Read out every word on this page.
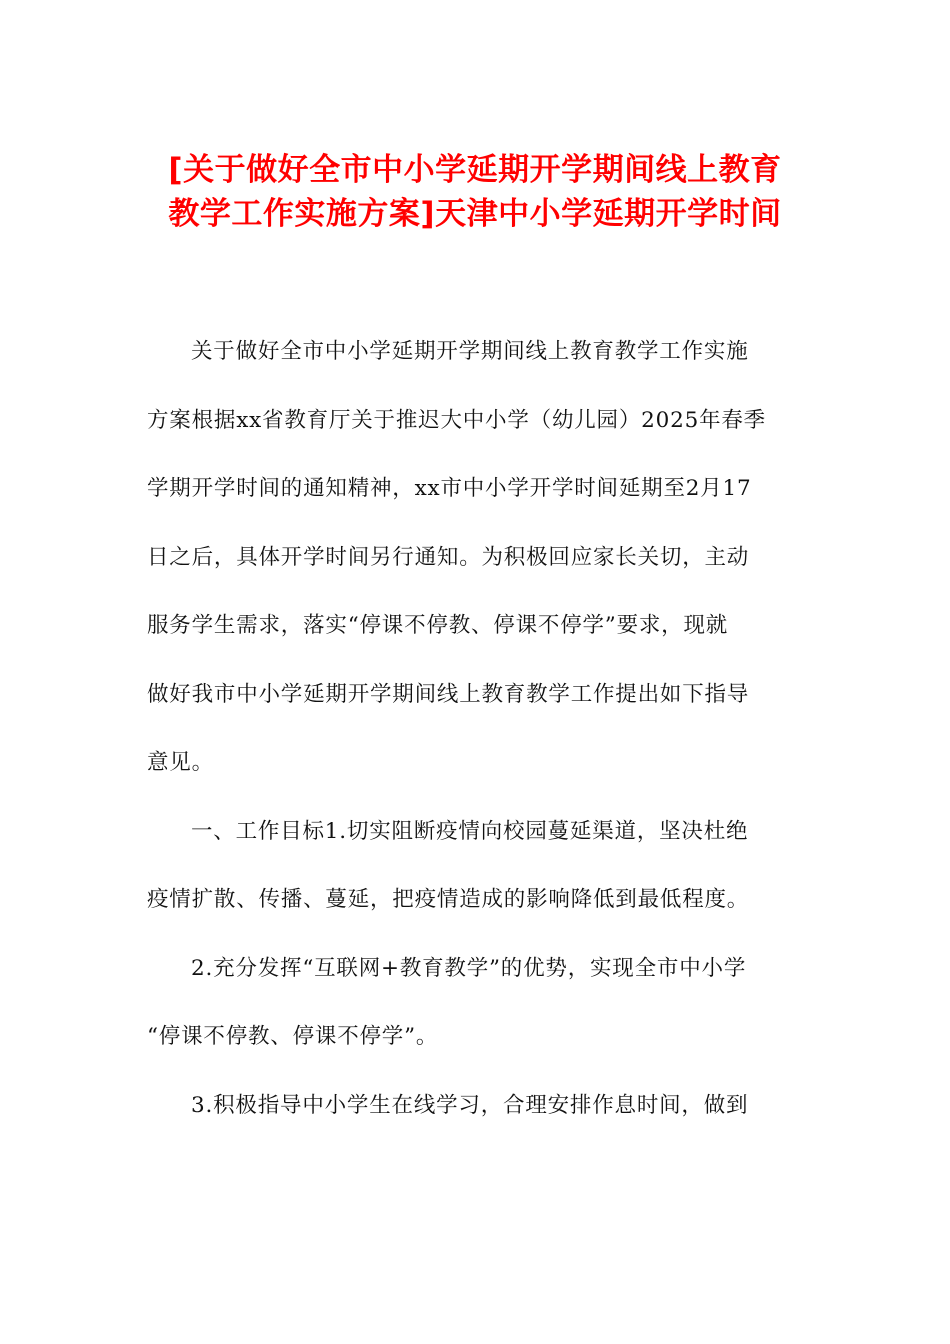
[关于做好全市中小学延期开学期间线上教育
教学工作实施方案]天津中小学延期开学时间
关于做好全市中小学延期开学期间线上教育教学工作实施
方案根据xx省教育厅关于推迟大中小学（幼儿园）2025年春季
学期开学时间的通知精神，xx市中小学开学时间延期至2月17
日之后，具体开学时间另行通知。为积极回应家长关切，主动
服务学生需求，落实“停课不停教、停课不停学”要求，现就
做好我市中小学延期开学期间线上教育教学工作提出如下指导
意见。
一、工作目标1.切实阻断疫情向校园蔓延渠道，坚决杜绝
疫情扩散、传播、蔓延，把疫情造成的影响降低到最低程度。
2.充分发挥“互联网+教育教学”的优势，实现全市中小学
“停课不停教、停课不停学”。
3.积极指导中小学生在线学习，合理安排作息时间，做到
